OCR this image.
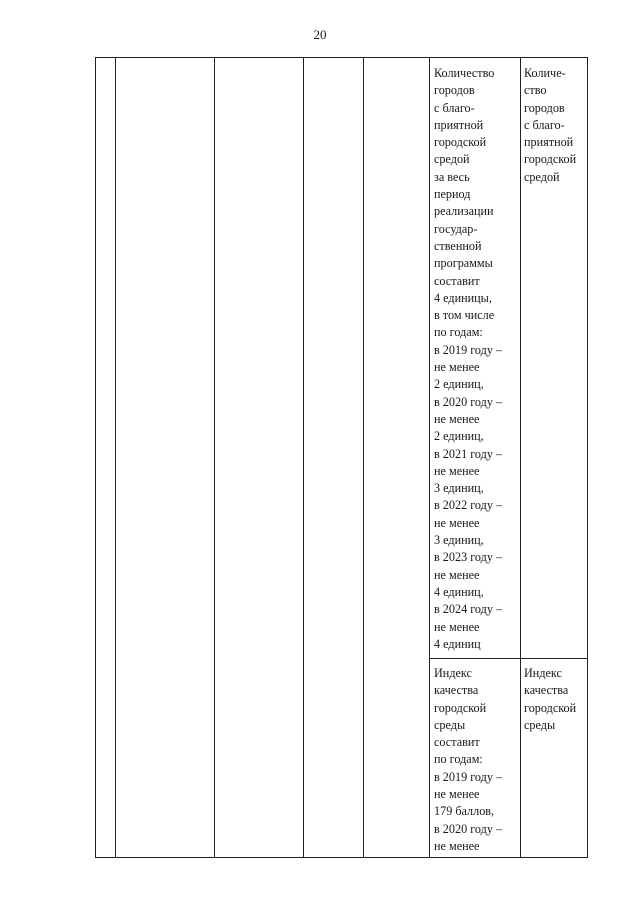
20
Количество
городов
с благо-
приятной
городской
средой
за весь
период
реализации
государ-
ственной
программы
составит
4 единицы,
в том числе
по годам:
в 2019 году –
не менее
2 единиц,
в 2020 году –
не менее
2 единиц,
в 2021 году –
не менее
3 единиц,
в 2022 году –
не менее
3 единиц,
в 2023 году –
не менее
4 единиц,
в 2024 году –
не менее
4 единиц
Количе-
ство
городов
с благо-
приятной
городской
средой
Индекс
качества
городской
среды
составит
по годам:
в 2019 году –
не менее
179 баллов,
в 2020 году –
не менее
Индекс
качества
городской
среды
